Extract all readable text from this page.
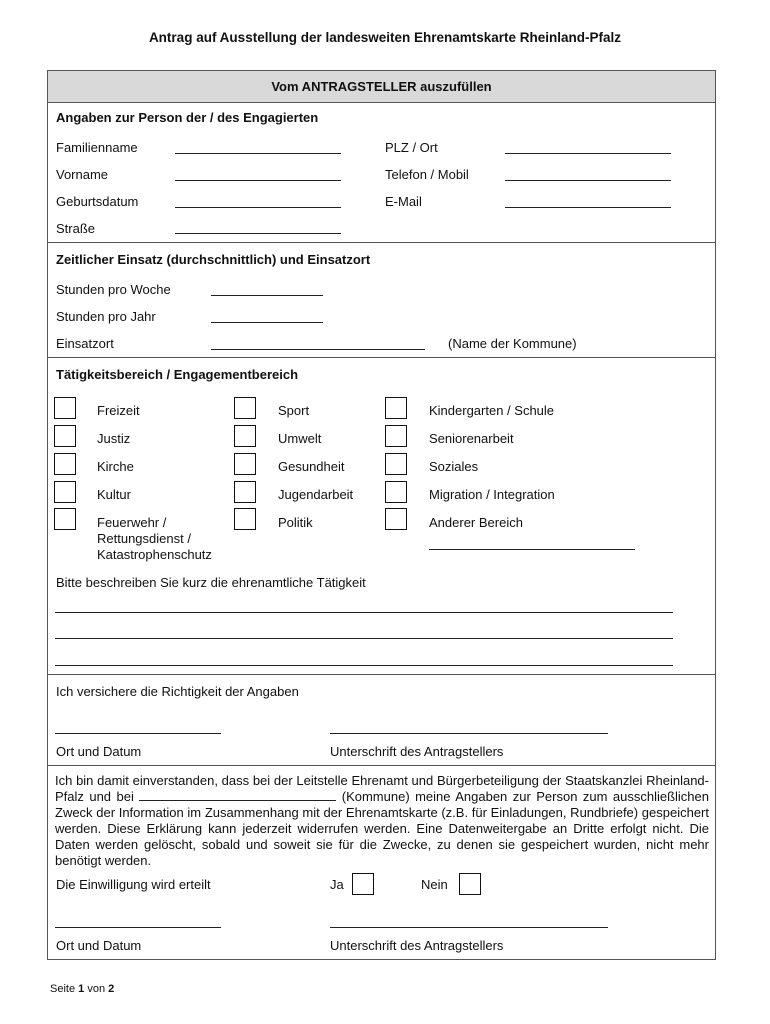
Antrag auf Ausstellung der landesweiten Ehrenamtskarte Rheinland-Pfalz
Vom ANTRAGSTELLER auszufüllen
Angaben zur Person der / des Engagierten
Familienname
Vorname
Geburtsdatum
Straße
PLZ / Ort
Telefon / Mobil
E-Mail
Zeitlicher Einsatz (durchschnittlich) und Einsatzort
Stunden pro Woche
Stunden pro Jahr
Einsatzort	(Name der Kommune)
Tätigkeitsbereich / Engagementbereich
Freizeit
Justiz
Kirche
Kultur
Feuerwehr /
Rettungsdienst /
Katastrophenschutz
Sport
Umwelt
Gesundheit
Jugendarbeit
Politik
Kindergarten / Schule
Seniorenarbeit
Soziales
Migration / Integration
Anderer Bereich
Bitte beschreiben Sie kurz die ehrenamtliche Tätigkeit
Ich versichere die Richtigkeit der Angaben
Ort und Datum	Unterschrift des Antragstellers
Ich bin damit einverstanden, dass bei der Leitstelle Ehrenamt und Bürgerbeteiligung der Staatskanzlei Rheinland-Pfalz und bei	(Kommune) meine Angaben zur Person zum ausschließlichen Zweck der Information im Zusammenhang mit der Ehrenamtskarte (z.B. für Einladungen, Rundbriefe) gespeichert werden. Diese Erklärung kann jederzeit widerrufen werden. Eine Datenweitergabe an Dritte erfolgt nicht. Die Daten werden gelöscht, sobald und soweit sie für die Zwecke, zu denen sie gespeichert wurden, nicht mehr benötigt werden.
Die Einwilligung wird erteilt	Ja	Nein
Ort und Datum	Unterschrift des Antragstellers
Seite 1 von 2
